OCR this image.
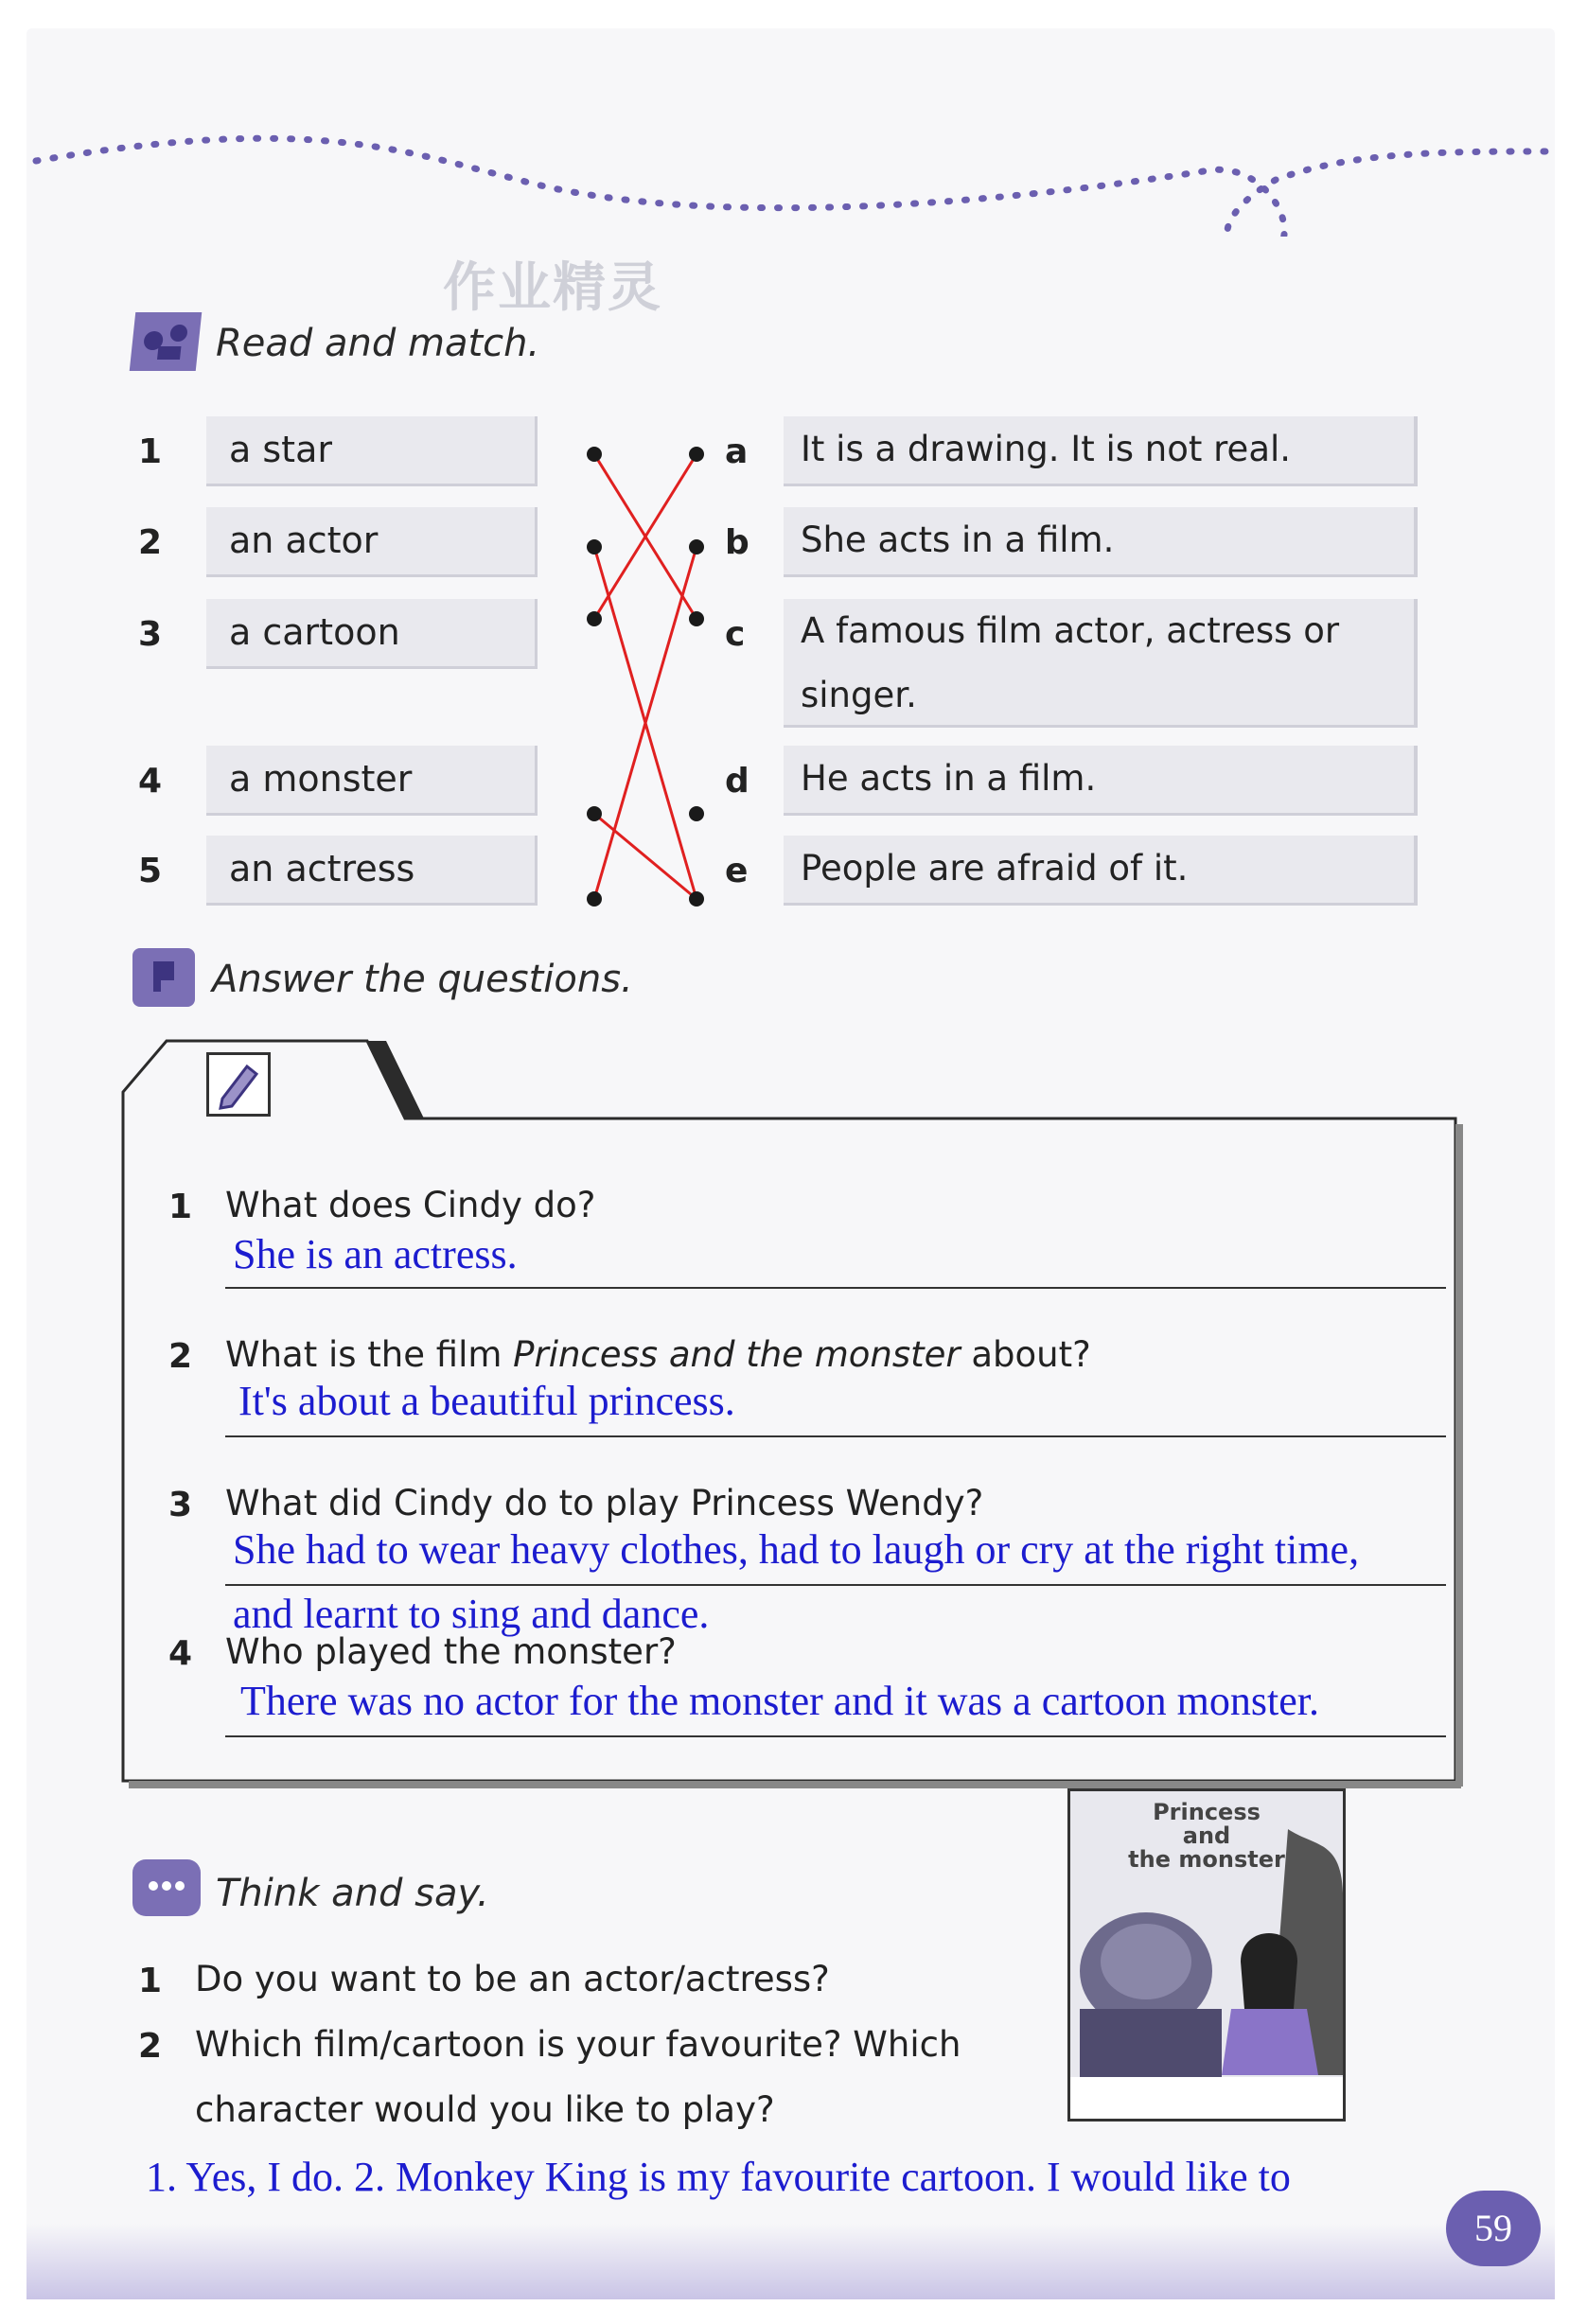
作业精灵
Read and match.
1
2
3
4
5
a star
an actor
a cartoon
a monster
an actress
a
b
c
d
e
It is a drawing. It is not real.
She acts in a film.
A famous film actor, actress or singer.
He acts in a film.
People are afraid of it.
Answer the questions.
1 What does Cindy do?
She is an actress.
2 What is the film Princess and the monster about?
It's about a beautiful princess.
3 What did Cindy do to play Princess Wendy?
She had to wear heavy clothes, had to laugh or cry at the right time,
and learnt to sing and dance.
4 Who played the monster?
There was no actor for the monster and it was a cartoon monster.
Think and say.
1 Do you want to be an actor/actress?
2 Which film/cartoon is your favourite? Which
character would you like to play?
1. Yes, I do. 2. Monkey King is my favourite cartoon. I would like to
Princess
and
the monster
59
